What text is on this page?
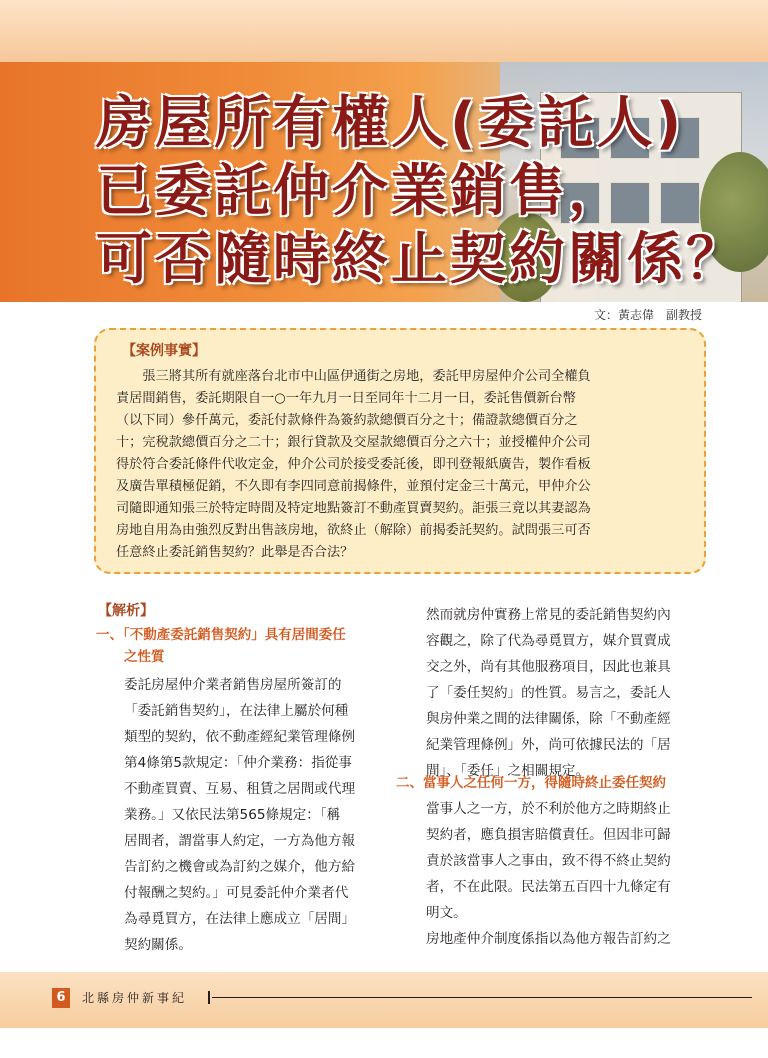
房屋所有權人(委託人)
已委託仲介業銷售，
可否隨時終止契約關係？
文：黃志偉　副教授
【案例事實】

　　張三將其所有就座落台北市中山區伊通街之房地，委託甲房屋仲介公司全權負

責居間銷售，委託期限自一○一年九月一日至同年十二月一日，委託售價新台幣

（以下同）參仟萬元，委託付款條件為簽約款總價百分之十；備證款總價百分之

十；完稅款總價百分之二十；銀行貸款及交屋款總價百分之六十；並授權仲介公司

得於符合委託條件代收定金，仲介公司於接受委託後，即刊登報紙廣告，製作看板

及廣告單積極促銷，不久即有李四同意前揭條件，並預付定金三十萬元，甲仲介公

司隨即通知張三於特定時間及特定地點簽訂不動產買賣契約。詎張三竟以其妻認為

房地自用為由強烈反對出售該房地，欲終止（解除）前揭委託契約。試問張三可否

任意終止委託銷售契約？此舉是否合法？

【解析】
一、「不動產委託銷售契約」具有居間委任
之性質
委託房屋仲介業者銷售房屋所簽訂的
「委託銷售契約」，在法律上屬於何種
類型的契約，依不動產經紀業管理條例
第4條第5款規定：「仲介業務：指從事
不動產買賣、互易、租賃之居間或代理
業務。」又依民法第565條規定：「稱
居間者，謂當事人約定，一方為他方報
告訂約之機會或為訂約之媒介，他方給
付報酬之契約。」可見委託仲介業者代
為尋覓買方，在法律上應成立「居間」
契約關係。
然而就房仲實務上常見的委託銷售契約內
容觀之，除了代為尋覓買方，媒介買賣成
交之外，尚有其他服務項目，因此也兼具
了「委任契約」的性質。易言之，委託人
與房仲業之間的法律關係，除「不動產經
紀業管理條例」外，尚可依據民法的「居
間」、「委任」之相關規定。
二、當事人之任何一方，得隨時終止委任契約
當事人之一方，於不利於他方之時期終止
契約者，應負損害賠償責任。但因非可歸
責於該當事人之事由，致不得不終止契約
者，不在此限。民法第五百四十九條定有
明文。
房地產仲介制度係指以為他方報告訂約之
6	北縣房仲新事紀
